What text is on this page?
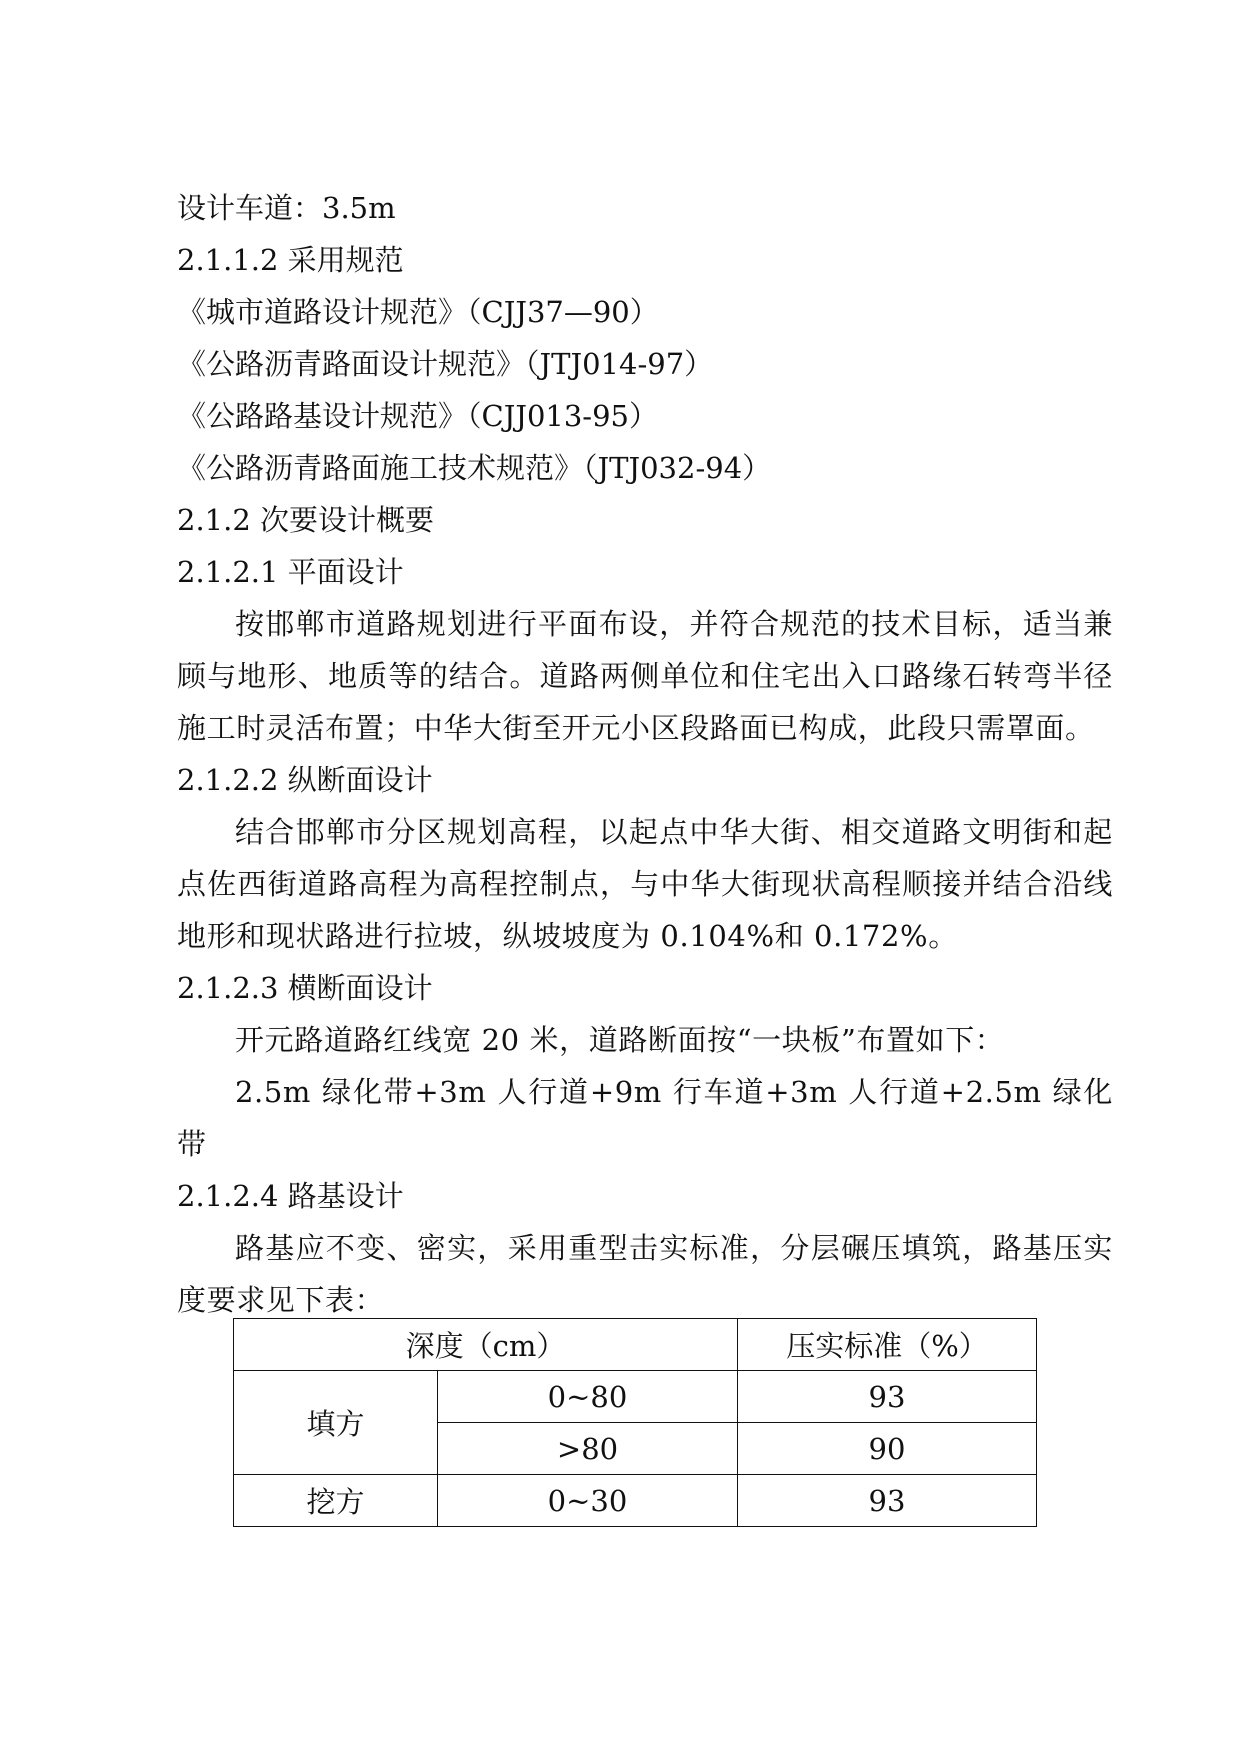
设计车道：3.5m

2.1.1.2 采用规范

《城市道路设计规范》（CJJ37—90）

《公路沥青路面设计规范》（JTJ014-97）

《公路路基设计规范》（CJJ013-95）

《公路沥青路面施工技术规范》（JTJ032-94）

2.1.2 次要设计概要

2.1.2.1 平面设计

按邯郸市道路规划进行平面布设，并符合规范的技术目标，适当兼顾与地形、地质等的结合。道路两侧单位和住宅出入口路缘石转弯半径施工时灵活布置；中华大街至开元小区段路面已构成，此段只需罩面。

2.1.2.2 纵断面设计

结合邯郸市分区规划高程，以起点中华大街、相交道路文明街和起点佐西街道路高程为高程控制点，与中华大街现状高程顺接并结合沿线地形和现状路进行拉坡，纵坡坡度为 0.104%和 0.172%。

2.1.2.3 横断面设计

开元路道路红线宽 20 米，道路断面按“一块板”布置如下：

2.5m 绿化带+3m 人行道+9m 行车道+3m 人行道+2.5m 绿化带

2.1.2.4 路基设计

路基应不变、密实，采用重型击实标准，分层碾压填筑，路基压实度要求见下表：

深度（cm）		压实标准（%）
填方	0~80	93
	>80	90
挖方	0~30	93
